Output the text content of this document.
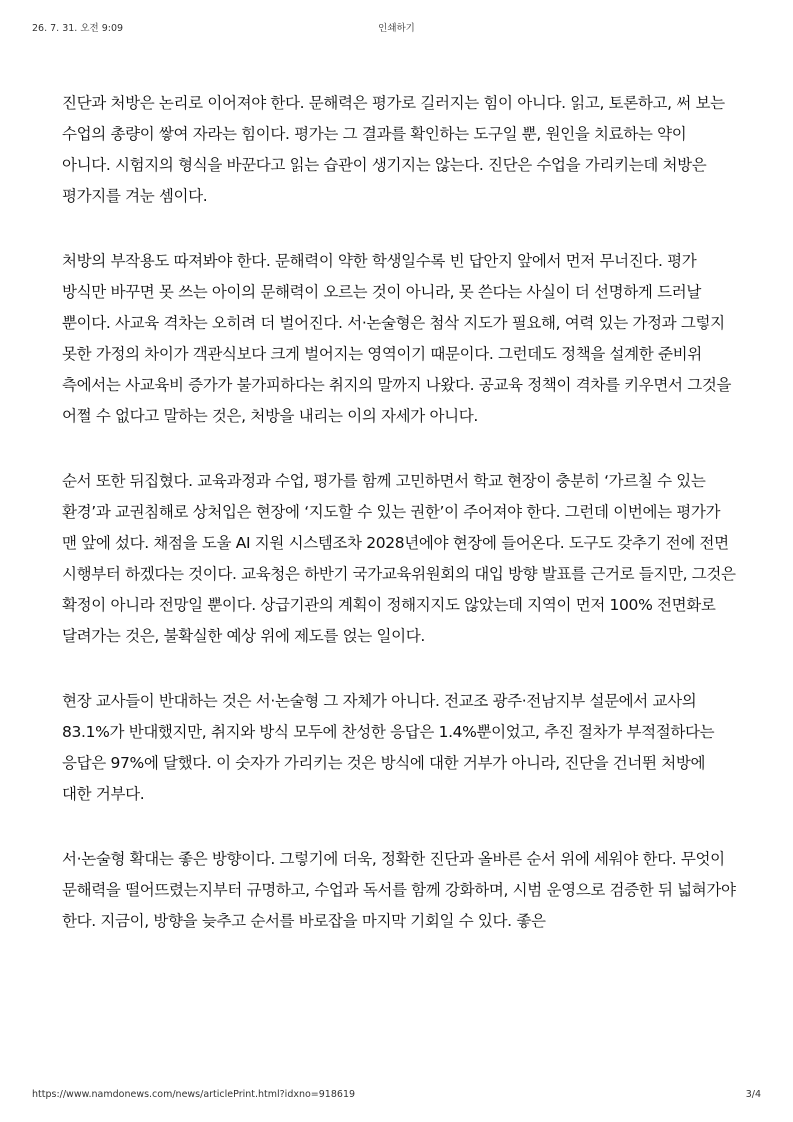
26. 7. 31. 오전 9:09	인쇄하기

진단과 처방은 논리로 이어져야 한다. 문해력은 평가로 길러지는 힘이 아니다. 읽고, 토론하고, 써 보는 수업의 총량이 쌓여 자라는 힘이다. 평가는 그 결과를 확인하는 도구일 뿐, 원인을 치료하는 약이 아니다. 시험지의 형식을 바꾼다고 읽는 습관이 생기지는 않는다. 진단은 수업을 가리키는데 처방은 평가지를 겨눈 셈이다.

처방의 부작용도 따져봐야 한다. 문해력이 약한 학생일수록 빈 답안지 앞에서 먼저 무너진다. 평가 방식만 바꾸면 못 쓰는 아이의 문해력이 오르는 것이 아니라, 못 쓴다는 사실이 더 선명하게 드러날 뿐이다. 사교육 격차는 오히려 더 벌어진다. 서·논술형은 첨삭 지도가 필요해, 여력 있는 가정과 그렇지 못한 가정의 차이가 객관식보다 크게 벌어지는 영역이기 때문이다. 그런데도 정책을 설계한 준비위 측에서는 사교육비 증가가 불가피하다는 취지의 말까지 나왔다. 공교육 정책이 격차를 키우면서 그것을 어쩔 수 없다고 말하는 것은, 처방을 내리는 이의 자세가 아니다.

순서 또한 뒤집혔다. 교육과정과 수업, 평가를 함께 고민하면서 학교 현장이 충분히 ‘가르칠 수 있는 환경’과 교권침해로 상처입은 현장에 ‘지도할 수 있는 권한’이 주어져야 한다. 그런데 이번에는 평가가 맨 앞에 섰다. 채점을 도울 AI 지원 시스템조차 2028년에야 현장에 들어온다. 도구도 갖추기 전에 전면 시행부터 하겠다는 것이다. 교육청은 하반기 국가교육위원회의 대입 방향 발표를 근거로 들지만, 그것은 확정이 아니라 전망일 뿐이다. 상급기관의 계획이 정해지지도 않았는데 지역이 먼저 100% 전면화로 달려가는 것은, 불확실한 예상 위에 제도를 얹는 일이다.

현장 교사들이 반대하는 것은 서·논술형 그 자체가 아니다. 전교조 광주·전남지부 설문에서 교사의 83.1%가 반대했지만, 취지와 방식 모두에 찬성한 응답은 1.4%뿐이었고, 추진 절차가 부적절하다는 응답은 97%에 달했다. 이 숫자가 가리키는 것은 방식에 대한 거부가 아니라, 진단을 건너뛴 처방에 대한 거부다.

서·논술형 확대는 좋은 방향이다. 그렇기에 더욱, 정확한 진단과 올바른 순서 위에 세워야 한다. 무엇이 문해력을 떨어뜨렸는지부터 규명하고, 수업과 독서를 함께 강화하며, 시범 운영으로 검증한 뒤 넓혀가야 한다. 지금이, 방향을 늦추고 순서를 바로잡을 마지막 기회일 수 있다. 좋은

https://www.namdonews.com/news/articlePrint.html?idxno=918619	3/4
